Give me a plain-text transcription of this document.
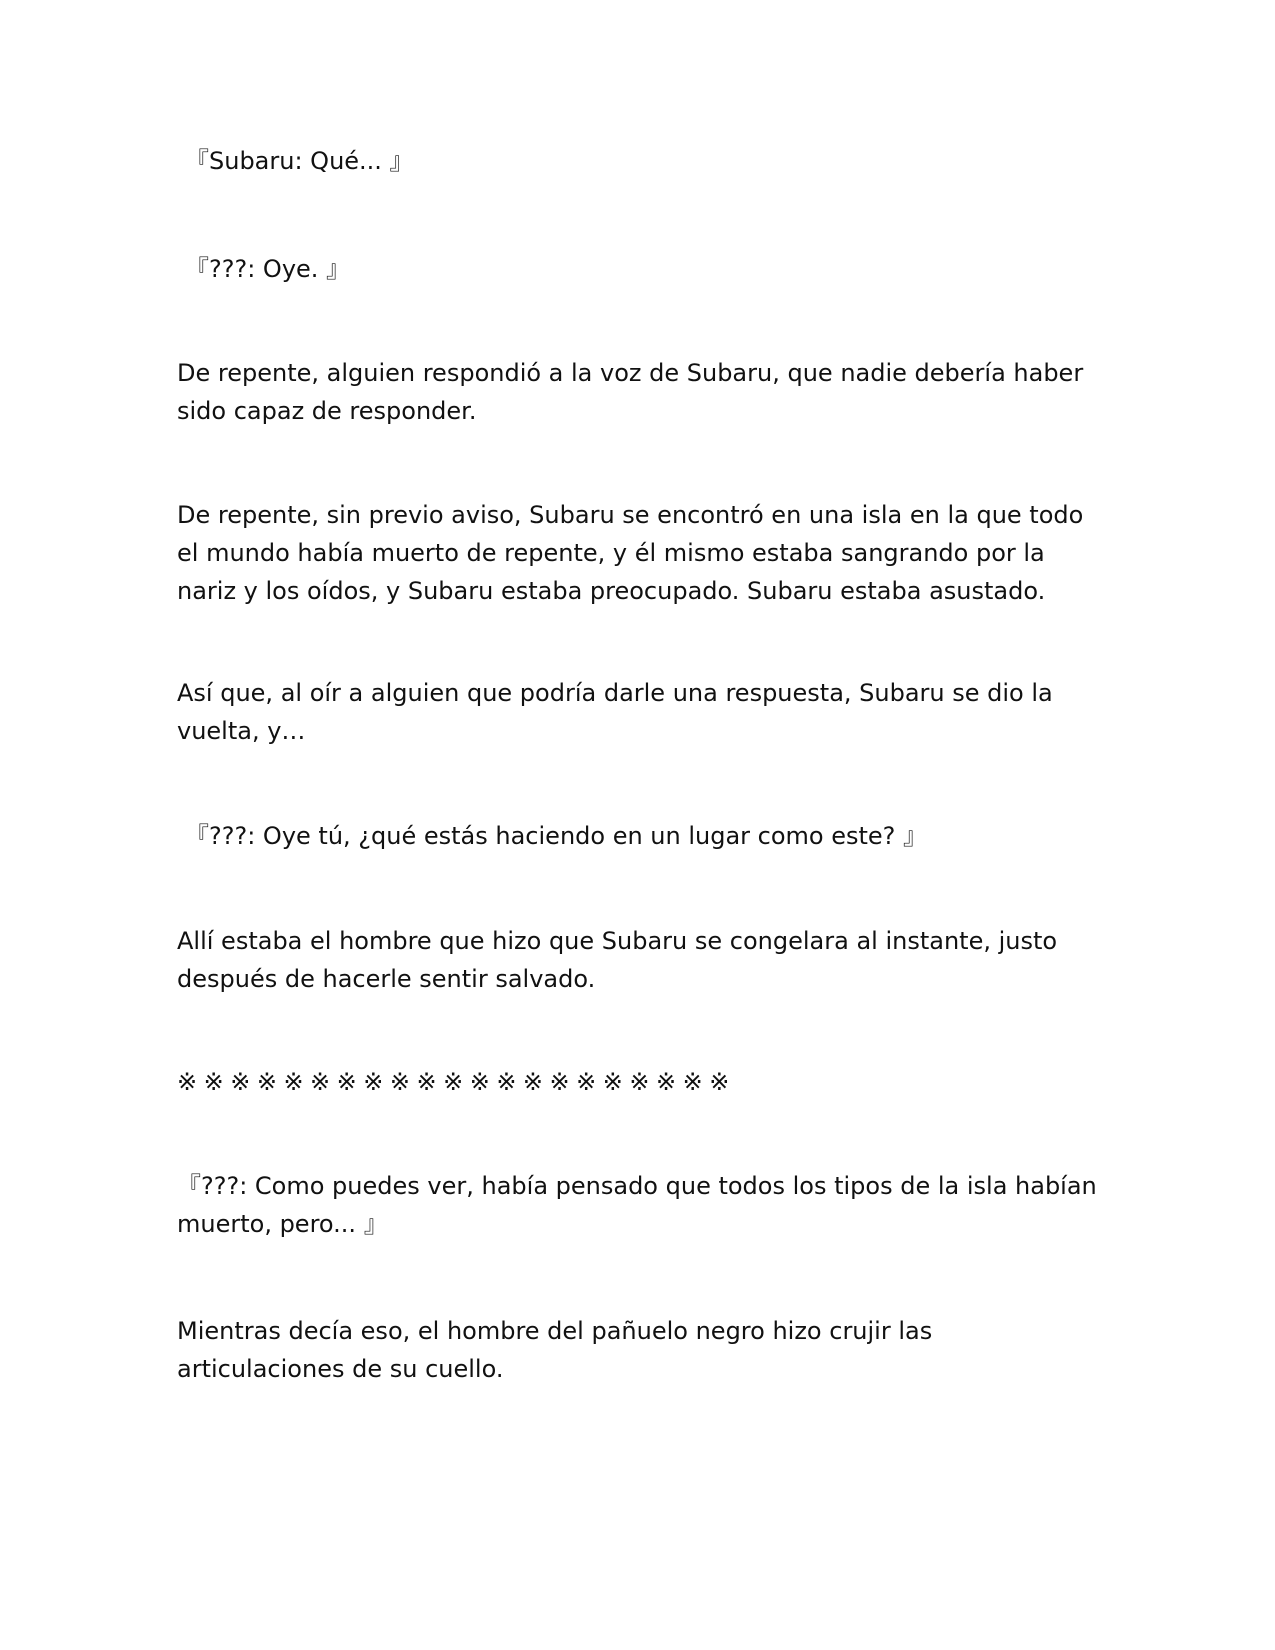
『Subaru: Qué... 』

『???: Oye. 』

De repente, alguien respondió a la voz de Subaru, que nadie debería haber sido capaz de responder.

De repente, sin previo aviso, Subaru se encontró en una isla en la que todo el mundo había muerto de repente, y él mismo estaba sangrando por la nariz y los oídos, y Subaru estaba preocupado. Subaru estaba asustado.

Así que, al oír a alguien que podría darle una respuesta, Subaru se dio la vuelta, y…

『???: Oye tú, ¿qué estás haciendo en un lugar como este? 』

Allí estaba el hombre que hizo que Subaru se congelara al instante, justo después de hacerle sentir salvado.

※※※※※※※※※※※※※※※※※※※※※

『???: Como puedes ver, había pensado que todos los tipos de la isla habían muerto, pero... 』

Mientras decía eso, el hombre del pañuelo negro hizo crujir las articulaciones de su cuello.
